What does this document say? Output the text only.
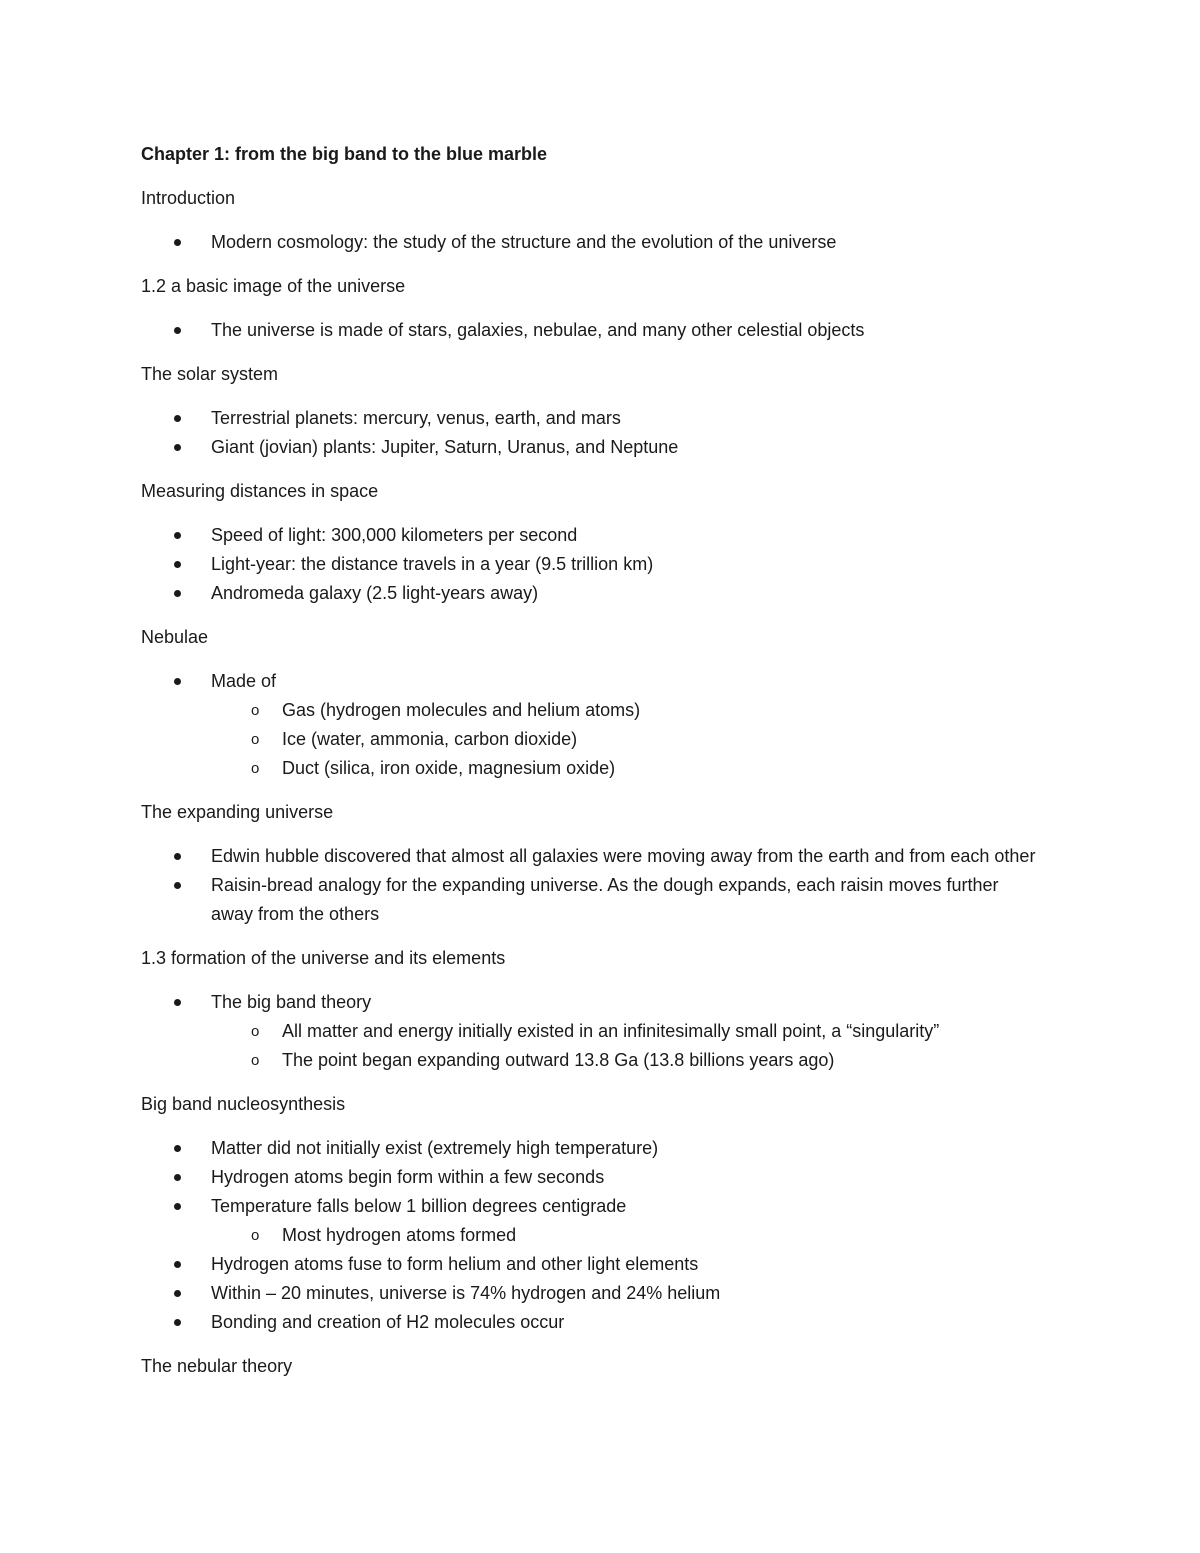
Chapter 1: from the big band to the blue marble
Introduction
Modern cosmology: the study of the structure and the evolution of the universe
1.2 a basic image of the universe
The universe is made of stars, galaxies, nebulae, and many other celestial objects
The solar system
Terrestrial planets: mercury, venus, earth, and mars
Giant (jovian) plants: Jupiter, Saturn, Uranus, and Neptune
Measuring distances in space
Speed of light: 300,000 kilometers per second
Light-year: the distance travels in a year (9.5 trillion km)
Andromeda galaxy (2.5 light-years away)
Nebulae
Made of
o Gas (hydrogen molecules and helium atoms)
o Ice (water, ammonia, carbon dioxide)
o Duct (silica, iron oxide, magnesium oxide)
The expanding universe
Edwin hubble discovered that almost all galaxies were moving away from the earth and from each other
Raisin-bread analogy for the expanding universe. As the dough expands, each raisin moves further away from the others
1.3 formation of the universe and its elements
The big band theory
o All matter and energy initially existed in an infinitesimally small point, a “singularity”
o The point began expanding outward 13.8 Ga (13.8 billions years ago)
Big band nucleosynthesis
Matter did not initially exist (extremely high temperature)
Hydrogen atoms begin form within a few seconds
Temperature falls below 1 billion degrees centigrade
o Most hydrogen atoms formed
Hydrogen atoms fuse to form helium and other light elements
Within – 20 minutes, universe is 74% hydrogen and 24% helium
Bonding and creation of H2 molecules occur
The nebular theory
